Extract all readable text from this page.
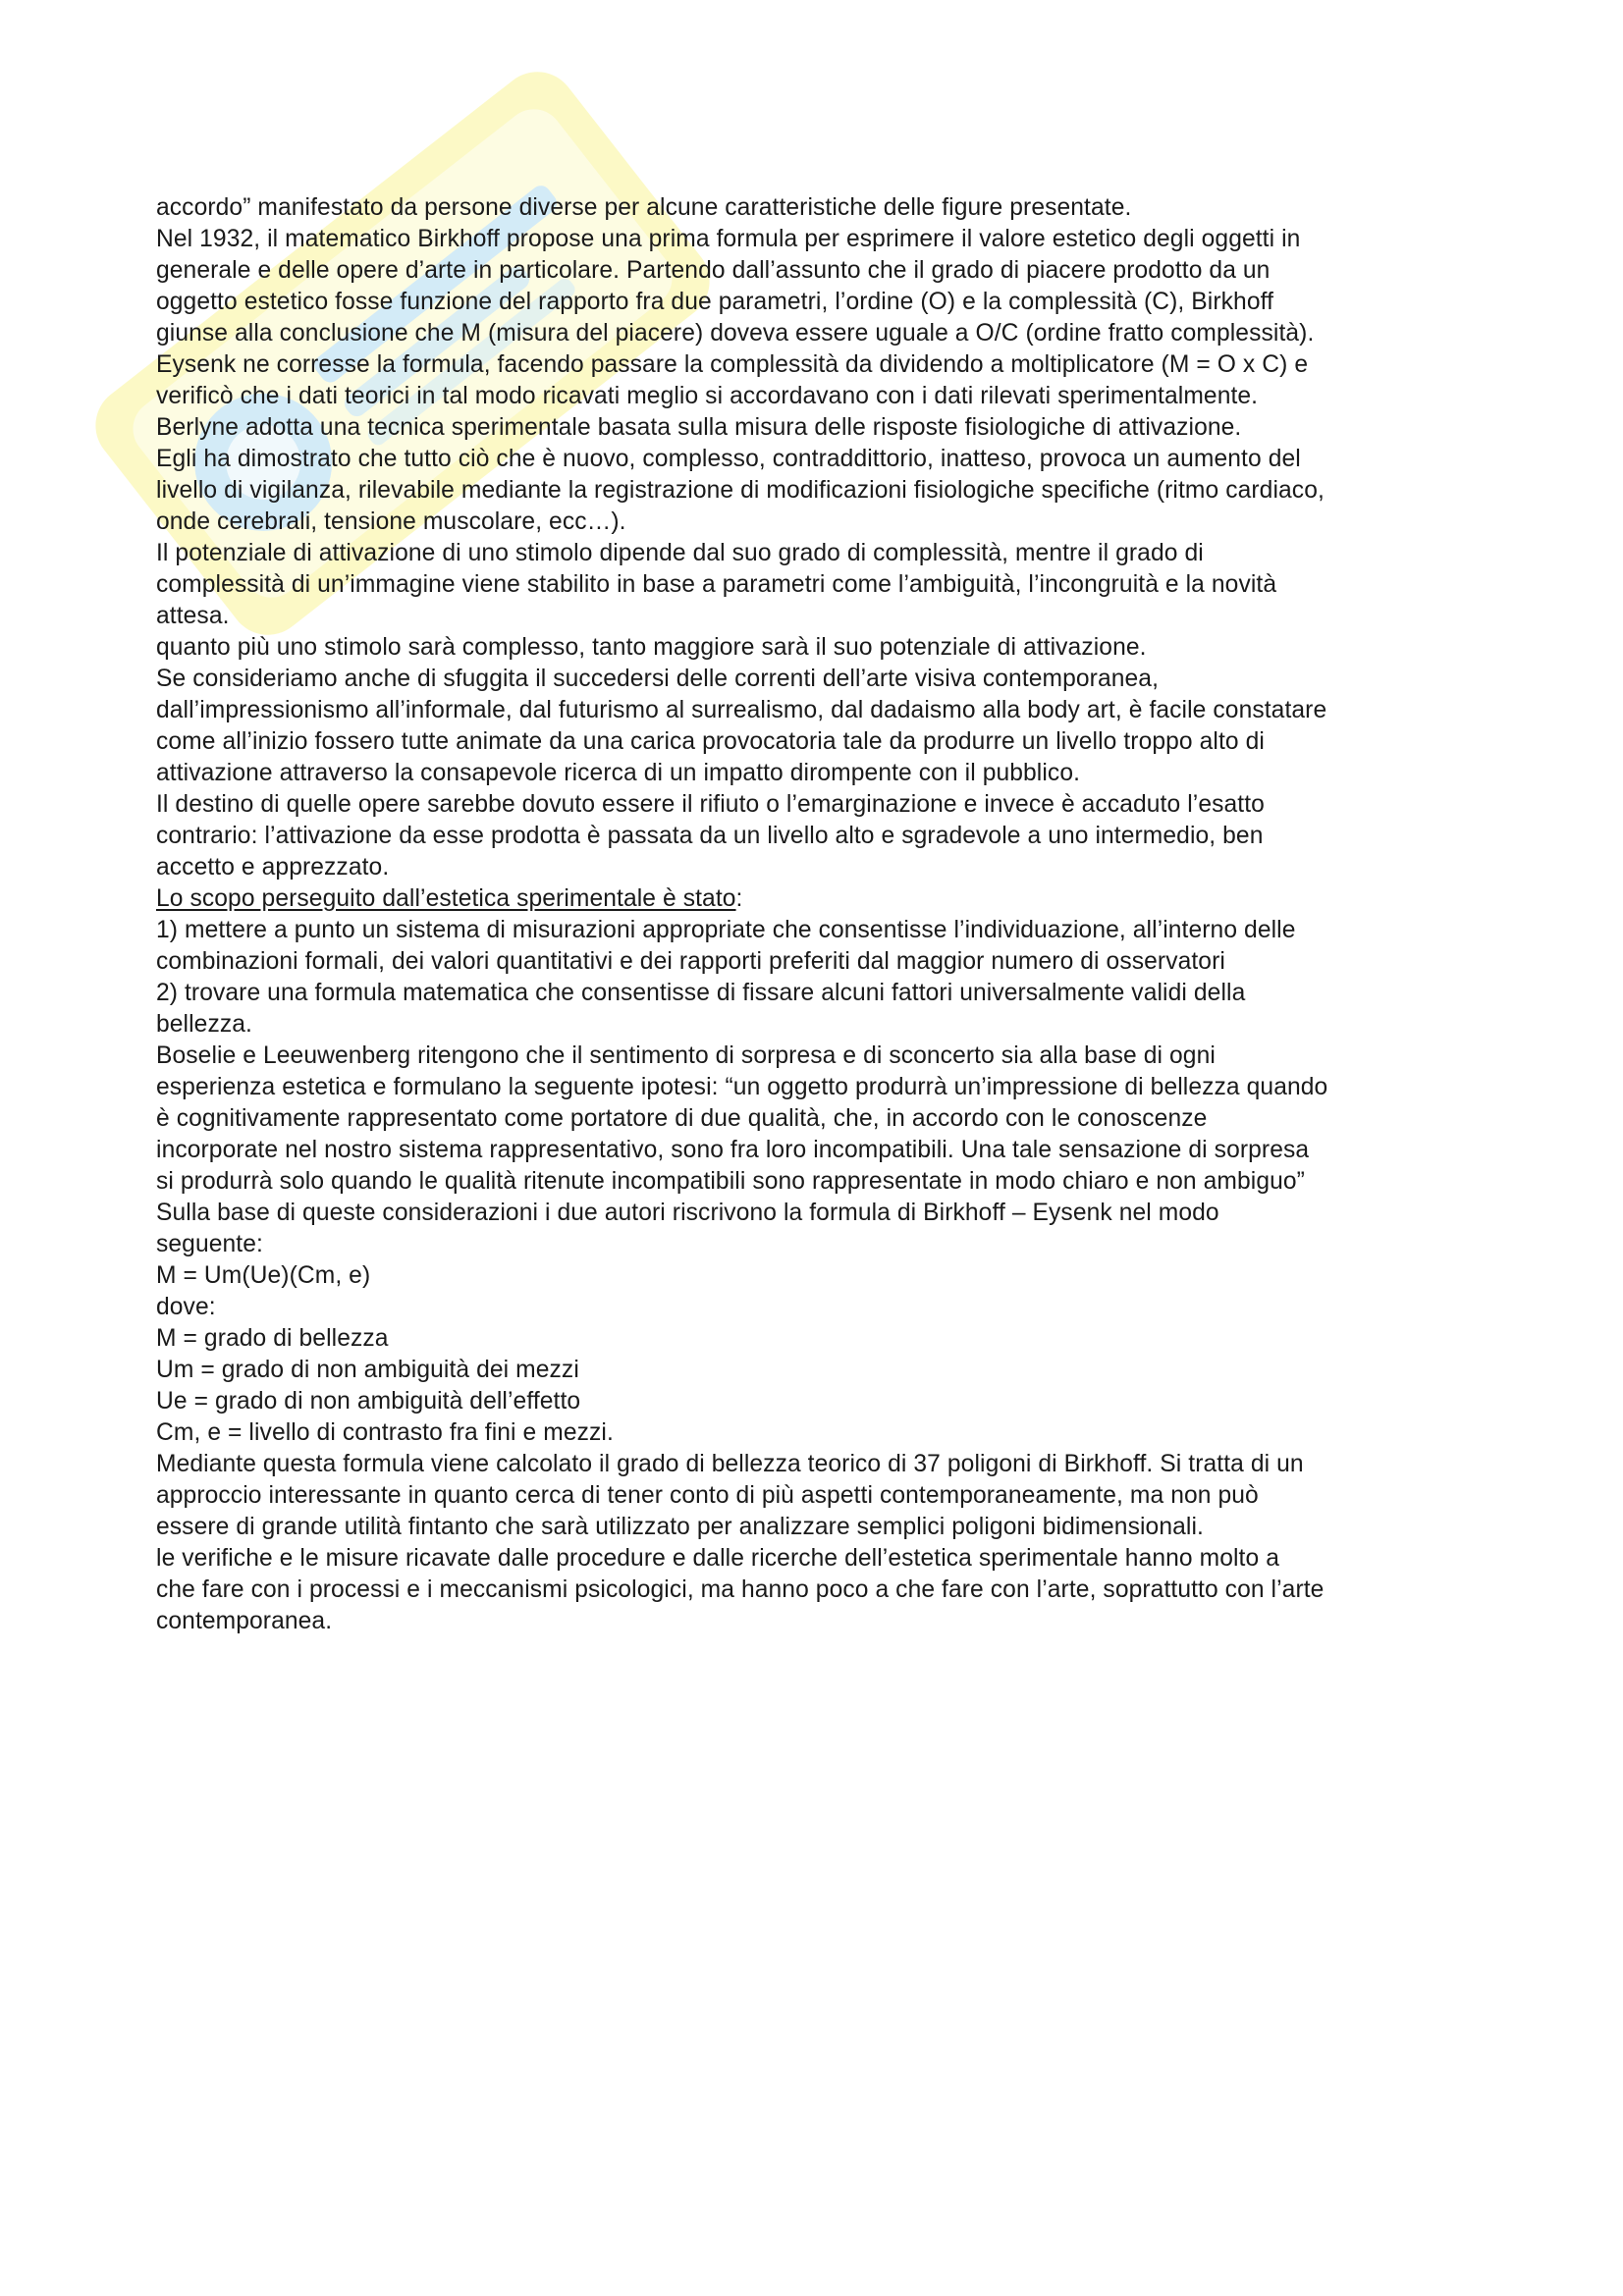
accordo” manifestato da persone diverse per alcune caratteristiche delle figure presentate.
Nel 1932, il matematico Birkhoff propose una prima formula per esprimere il valore estetico degli oggetti in
generale e delle opere d’arte in particolare. Partendo dall’assunto che il grado di piacere prodotto da un
oggetto estetico fosse funzione del rapporto fra due parametri, l’ordine (O) e la complessità (C), Birkhoff
giunse alla conclusione che M (misura del piacere) doveva essere uguale a O/C (ordine fratto complessità).
Eysenk ne corresse la formula, facendo passare la complessità da dividendo a moltiplicatore (M = O x C) e
verificò che i dati teorici in tal modo ricavati meglio si accordavano con i dati rilevati sperimentalmente.
Berlyne adotta una tecnica sperimentale basata sulla misura delle risposte fisiologiche di attivazione.
Egli ha dimostrato che tutto ciò che è nuovo, complesso, contraddittorio, inatteso, provoca un aumento del
livello di vigilanza, rilevabile mediante la registrazione di modificazioni fisiologiche specifiche (ritmo cardiaco,
onde cerebrali, tensione muscolare, ecc…).
Il potenziale di attivazione di uno stimolo dipende dal suo grado di complessità, mentre il grado di
complessità di un’immagine viene stabilito in base a parametri come l’ambiguità, l’incongruità e la novità
attesa.
quanto più uno stimolo sarà complesso, tanto maggiore sarà il suo potenziale di attivazione.
Se consideriamo anche di sfuggita il succedersi delle correnti dell’arte visiva contemporanea,
dall’impressionismo all’informale, dal futurismo al surrealismo, dal dadaismo alla body art, è facile constatare
come all’inizio fossero tutte animate da una carica provocatoria tale da produrre un livello troppo alto di
attivazione attraverso la consapevole ricerca di un impatto dirompente con il pubblico.
Il destino di quelle opere sarebbe dovuto essere il rifiuto o l’emarginazione e invece è accaduto l’esatto
contrario: l’attivazione da esse prodotta è passata da un livello alto e sgradevole a uno intermedio, ben
accetto e apprezzato.
Lo scopo perseguito dall’estetica sperimentale è stato:
1) mettere a punto un sistema di misurazioni appropriate che consentisse l’individuazione, all’interno delle
combinazioni formali, dei valori quantitativi e dei rapporti preferiti dal maggior numero di osservatori
2) trovare una formula matematica che consentisse di fissare alcuni fattori universalmente validi della
bellezza.
Boselie e Leeuwenberg ritengono che il sentimento di sorpresa e di sconcerto sia alla base di ogni
esperienza estetica e formulano la seguente ipotesi: “un oggetto produrrà un’impressione di bellezza quando
è cognitivamente rappresentato come portatore di due qualità, che, in accordo con le conoscenze
incorporate nel nostro sistema rappresentativo, sono fra loro incompatibili. Una tale sensazione di sorpresa
si produrrà solo quando le qualità ritenute incompatibili sono rappresentate in modo chiaro e non ambiguo”
Sulla base di queste considerazioni i due autori riscrivono la formula di Birkhoff – Eysenk nel modo
seguente:
M = Um(Ue)(Cm, e)
dove:
M = grado di bellezza
Um = grado di non ambiguità dei mezzi
Ue = grado di non ambiguità dell’effetto
Cm, e = livello di contrasto fra fini e mezzi.
Mediante questa formula viene calcolato il grado di bellezza teorico di 37 poligoni di Birkhoff. Si tratta di un
approccio interessante in quanto cerca di tener conto di più aspetti contemporaneamente, ma non può
essere di grande utilità fintanto che sarà utilizzato per analizzare semplici poligoni bidimensionali.
le verifiche e le misure ricavate dalle procedure e dalle ricerche dell’estetica sperimentale hanno molto a
che fare con i processi e i meccanismi psicologici, ma hanno poco a che fare con l’arte, soprattutto con l’arte
contemporanea.
